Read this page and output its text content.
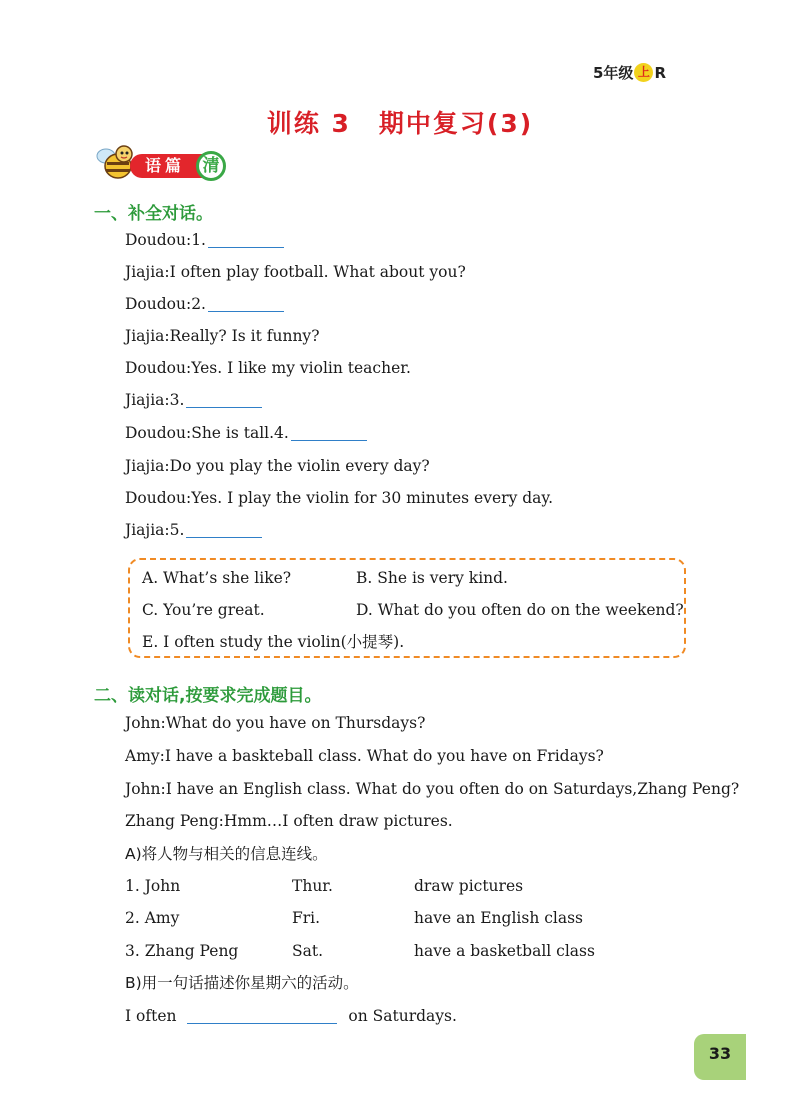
5年级 上 R
训练 3 期中复习(3)
语篇	清
一、补全对话。
Doudou:1.
Jiajia:I often play football. What about you?
Doudou:2.
Jiajia:Really? Is it funny?
Doudou:Yes. I like my violin teacher.
Jiajia:3.
Doudou:She is tall.4.
Jiajia:Do you play the violin every day?
Doudou:Yes. I play the violin for 30 minutes every day.
Jiajia:5.
A. What’s she like?	B. She is very kind.
C. You’re great.	D. What do you often do on the weekend?
E. I often study the violin(小提琴).
二、读对话,按要求完成题目。
John:What do you have on Thursdays?
Amy:I have a baskteball class. What do you have on Fridays?
John:I have an English class. What do you often do on Saturdays,Zhang Peng?
Zhang Peng:Hmm…I often draw pictures.
A)将人物与相关的信息连线。
1. John	Thur.	draw pictures
2. Amy	Fri.	have an English class
3. Zhang Peng	Sat.	have a basketball class
B)用一句话描述你星期六的活动。
I often	on Saturdays.
33
